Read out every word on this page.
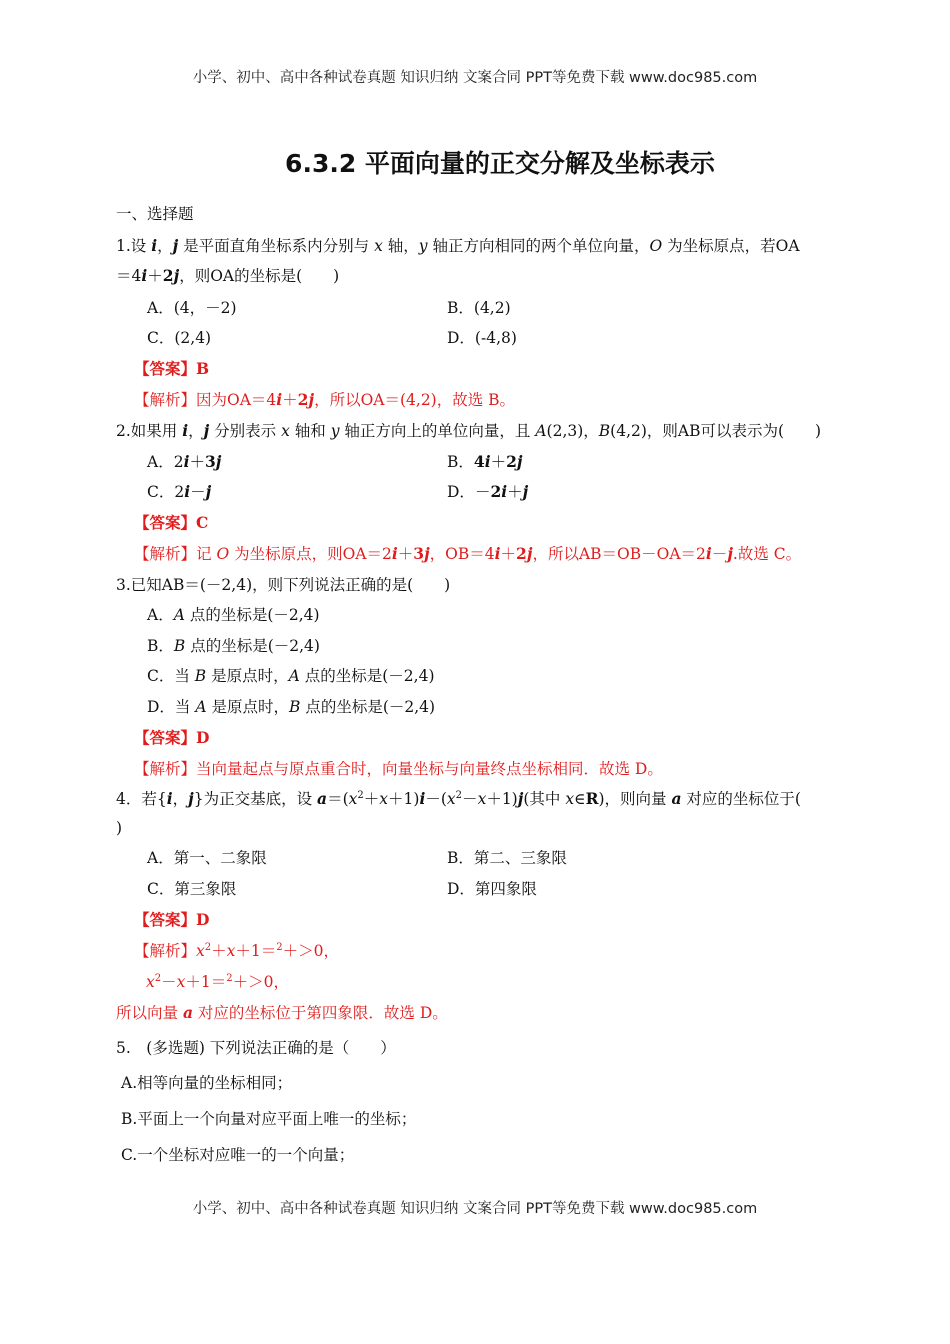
小学、初中、高中各种试卷真题 知识归纳 文案合同 PPT等免费下载 www.doc985.com
6.3.2 平面向量的正交分解及坐标表示
一、选择题
1.设 i，j 是平面直角坐标系内分别与 x 轴，y 轴正方向相同的两个单位向量，O 为坐标原点，若OA
＝4i＋2j，则OA的坐标是(　　)
A．(4，－2)	B．(4,2)
C．(2,4)	D．(-4,8)
【答案】B
【解析】因为OA＝4i＋2j，所以OA＝(4,2)，故选 B。
2.如果用 i，j 分别表示 x 轴和 y 轴正方向上的单位向量，且 A(2,3)，B(4,2)，则AB可以表示为(　　)
A．2i＋3j	B．4i＋2j
C．2i－j	D．－2i＋j
【答案】C
【解析】记 O 为坐标原点，则OA＝2i＋3j，OB＝4i＋2j，所以AB＝OB－OA＝2i－j.故选 C。
3.已知AB＝(－2,4)，则下列说法正确的是(　　)
A．A 点的坐标是(－2,4)
B．B 点的坐标是(－2,4)
C．当 B 是原点时，A 点的坐标是(－2,4)
D．当 A 是原点时，B 点的坐标是(－2,4)
【答案】D
【解析】当向量起点与原点重合时，向量坐标与向量终点坐标相同．故选 D。
4．若{i，j}为正交基底，设 $a=(x^2+x+1)i-(x^2-x+1)j$(其中 x∈R)，则向量 a 对应的坐标位于(
)
A．第一、二象限	B．第二、三象限
C．第三象限	D．第四象限
【答案】D
【解析】$x^2+x+1=^2+>0$，
$x^2-x+1=^2+>0$，
所以向量 a 对应的坐标位于第四象限．故选 D。
5.　(多选题) 下列说法正确的是（　　）
A.相等向量的坐标相同；
B.平面上一个向量对应平面上唯一的坐标；
C.一个坐标对应唯一的一个向量；
小学、初中、高中各种试卷真题 知识归纳 文案合同 PPT等免费下载 www.doc985.com
